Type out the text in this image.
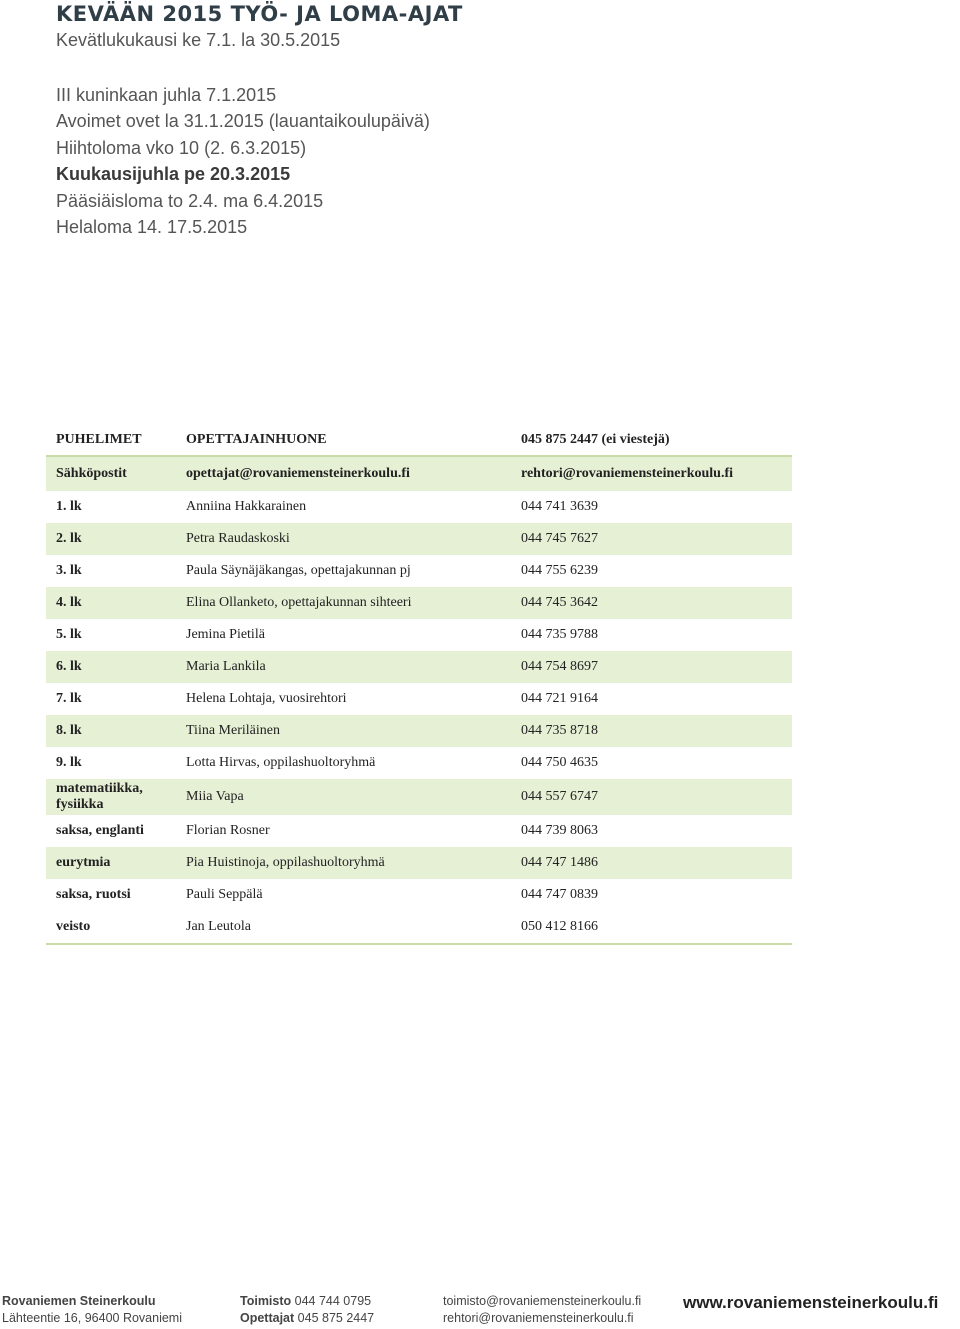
KEVÄÄN 2015 TYÖ- JA LOMA-AJAT
Kevätlukukausi ke 7.1. la 30.5.2015
III kuninkaan juhla 7.1.2015
Avoimet ovet la 31.1.2015 (lauantaikoulupäivä)
Hiihtoloma vko 10 (2. 6.3.2015)
Kuukausijuhla pe 20.3.2015
Pääsiäisloma to 2.4. ma 6.4.2015
Helaloma 14. 17.5.2015
PUHELIMET	OPETTAJAINHUONE	045 875 2447 (ei viestejä)
Sähköpostit	opettajat@rovaniemensteinerkoulu.fi	rehtori@rovaniemensteinerkoulu.fi
1. lk	Anniina Hakkarainen	044 741 3639
2. lk	Petra Raudaskoski	044 745 7627
3. lk	Paula Säynäjäkangas, opettajakunnan pj	044 755 6239
4. lk	Elina Ollanketo, opettajakunnan sihteeri	044 745 3642
5. lk	Jemina Pietilä	044 735 9788
6. lk	Maria Lankila	044 754 8697
7. lk	Helena Lohtaja, vuosirehtori	044 721 9164
8. lk	Tiina Meriläinen	044 735 8718
9. lk	Lotta Hirvas, oppilashuoltoryhmä	044 750 4635
matematiikka, fysiikka	Miia Vapa	044 557 6747
saksa, englanti	Florian Rosner	044 739 8063
eurytmia	Pia Huistinoja, oppilashuoltoryhmä	044 747 1486
saksa, ruotsi	Pauli Seppälä	044 747 0839
veisto	Jan Leutola	050 412 8166
Rovaniemen Steinerkoulu
Lähteentie 16, 96400 Rovaniemi
Toimisto 044 744 0795
Opettajat 045 875 2447
toimisto@rovaniemensteinerkoulu.fi
rehtori@rovaniemensteinerkoulu.fi
www.rovaniemensteinerkoulu.fi
